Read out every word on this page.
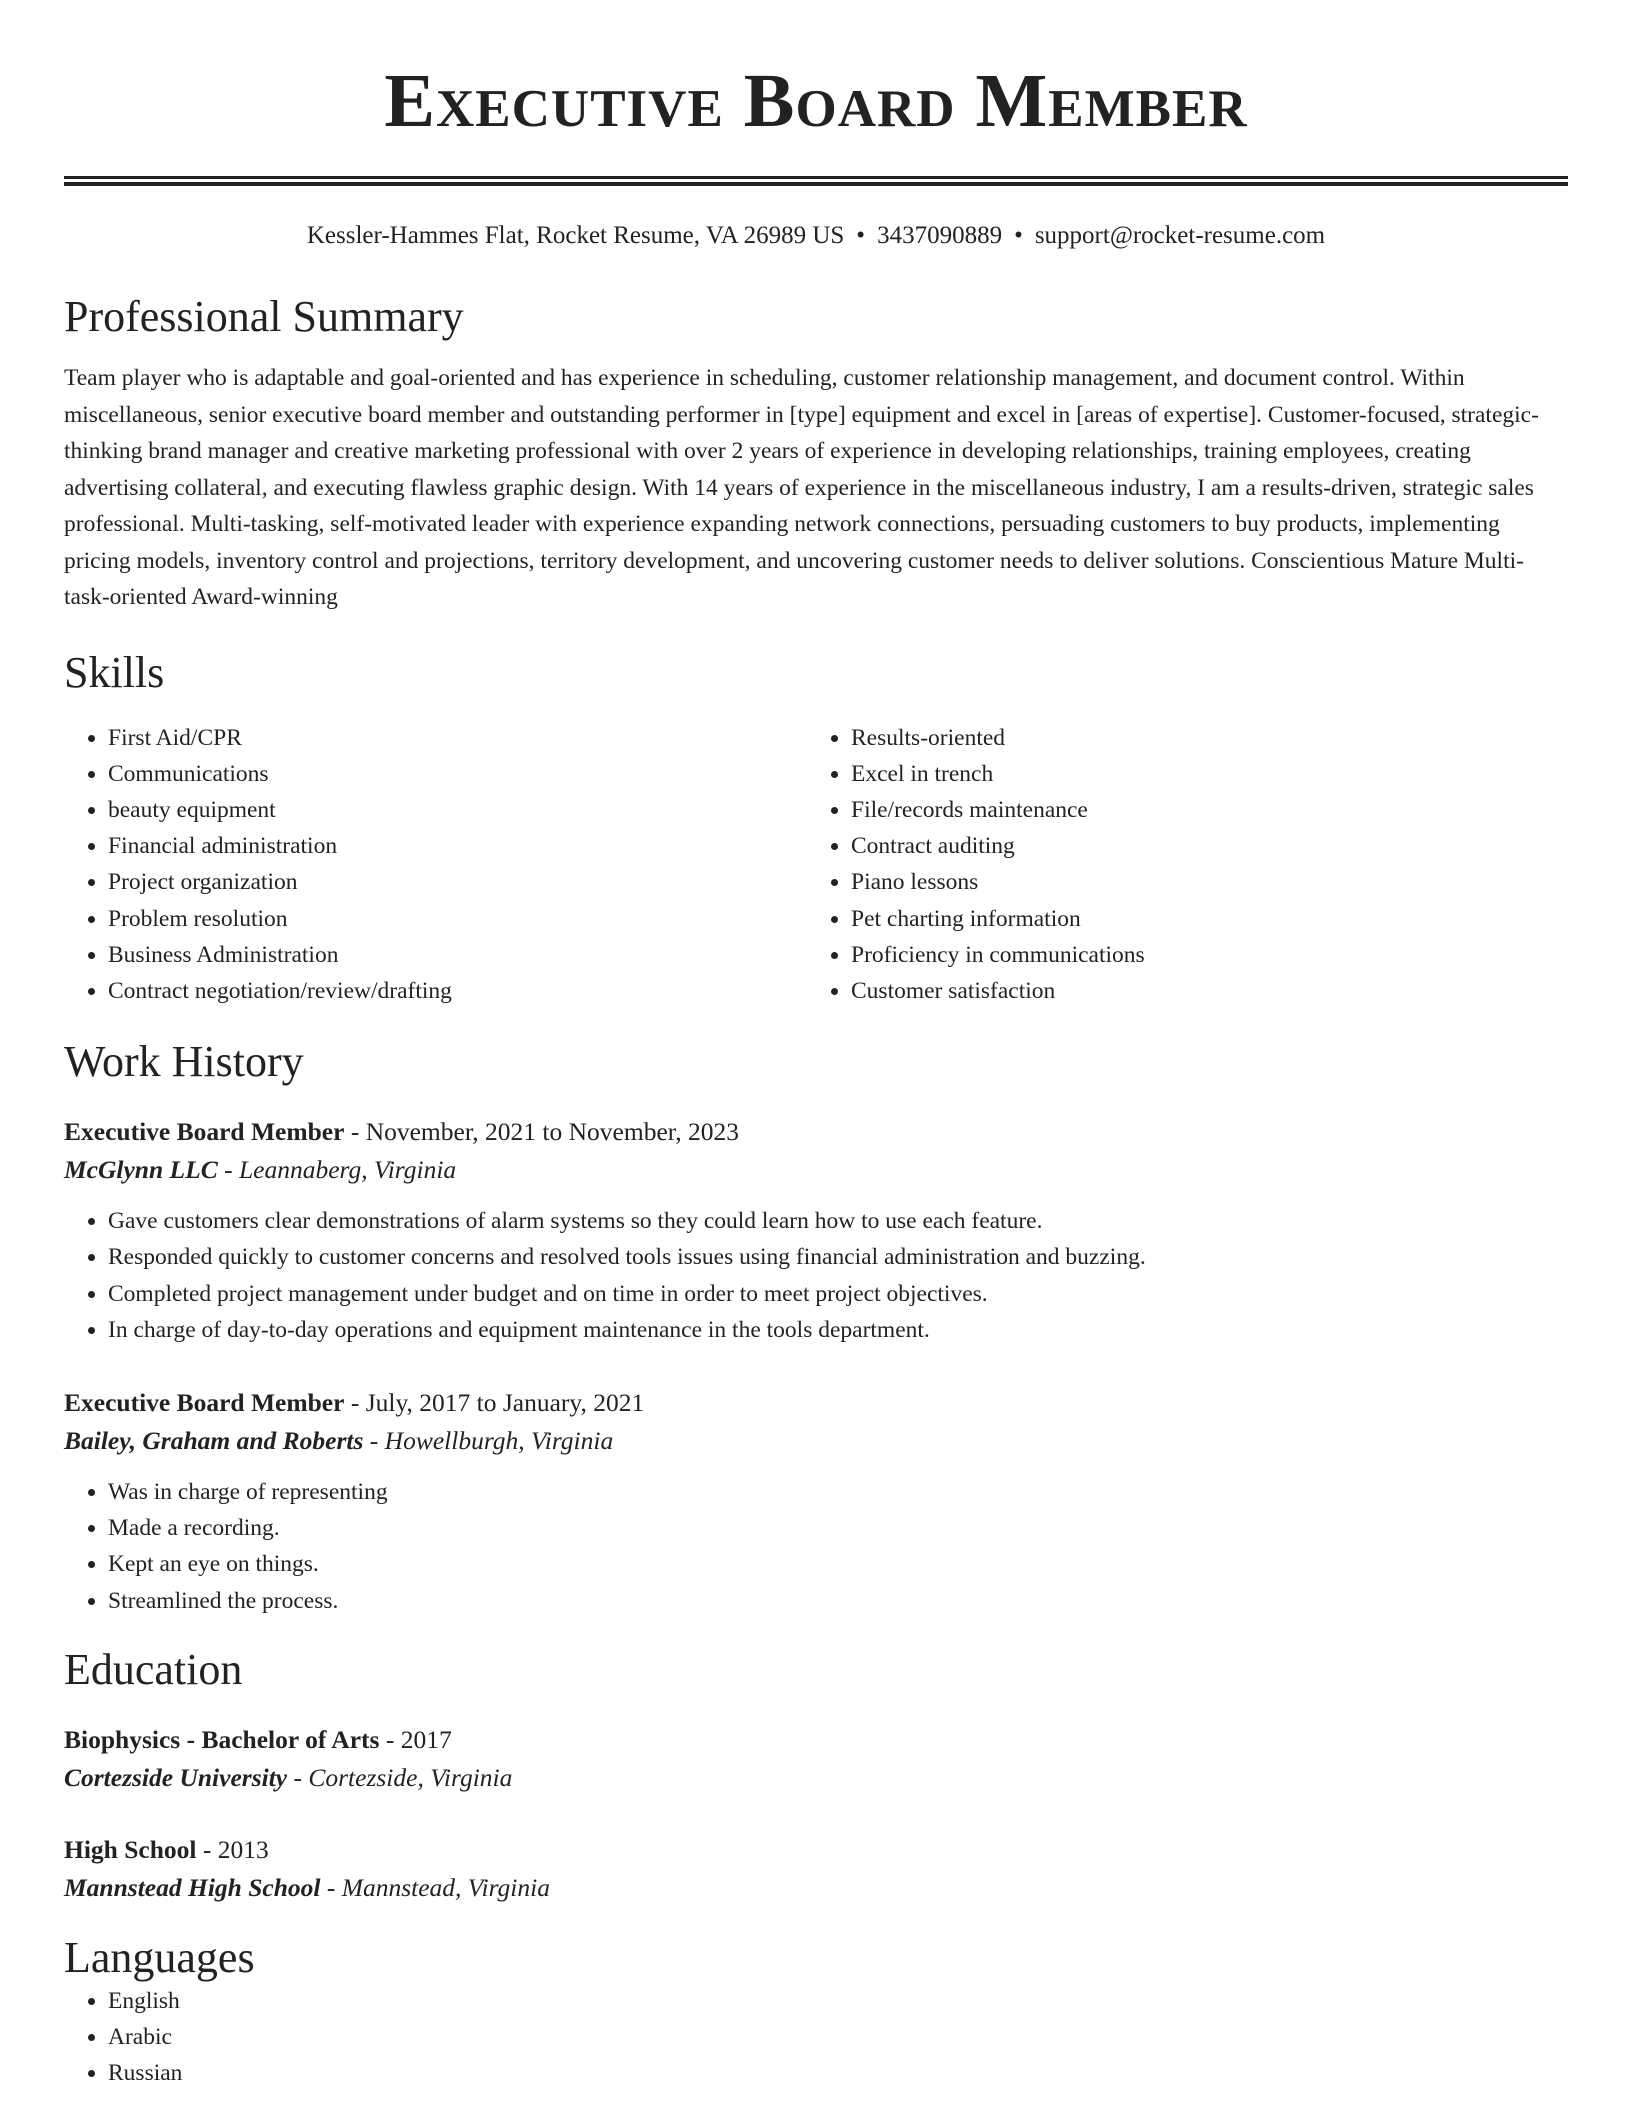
Executive Board Member
Kessler-Hammes Flat, Rocket Resume, VA 26989 US • 3437090889 • support@rocket-resume.com
Professional Summary

Team player who is adaptable and goal-oriented and has experience in scheduling, customer relationship management, and document control. Within miscellaneous, senior executive board member and outstanding performer in [type] equipment and excel in [areas of expertise]. Customer-focused, strategic-thinking brand manager and creative marketing professional with over 2 years of experience in developing relationships, training employees, creating advertising collateral, and executing flawless graphic design. With 14 years of experience in the miscellaneous industry, I am a results-driven, strategic sales professional. Multi-tasking, self-motivated leader with experience expanding network connections, persuading customers to buy products, implementing pricing models, inventory control and projections, territory development, and uncovering customer needs to deliver solutions. Conscientious Mature Multi-task-oriented Award-winning

Skills
• First Aid/CPR
• Communications
• beauty equipment
• Financial administration
• Project organization
• Problem resolution
• Business Administration
• Contract negotiation/review/drafting
• Results-oriented
• Excel in trench
• File/records maintenance
• Contract auditing
• Piano lessons
• Pet charting information
• Proficiency in communications
• Customer satisfaction
Work History
Executive Board Member - November, 2021 to November, 2023
McGlynn LLC - Leannaberg, Virginia
• Gave customers clear demonstrations of alarm systems so they could learn how to use each feature.
• Responded quickly to customer concerns and resolved tools issues using financial administration and buzzing.
• Completed project management under budget and on time in order to meet project objectives.
• In charge of day-to-day operations and equipment maintenance in the tools department.
Executive Board Member - July, 2017 to January, 2021
Bailey, Graham and Roberts - Howellburgh, Virginia
• Was in charge of representing
• Made a recording.
• Kept an eye on things.
• Streamlined the process.
Education
Biophysics - Bachelor of Arts - 2017
Cortezside University - Cortezside, Virginia
High School - 2013
Mannstead High School - Mannstead, Virginia
Languages
• English
• Arabic
• Russian
